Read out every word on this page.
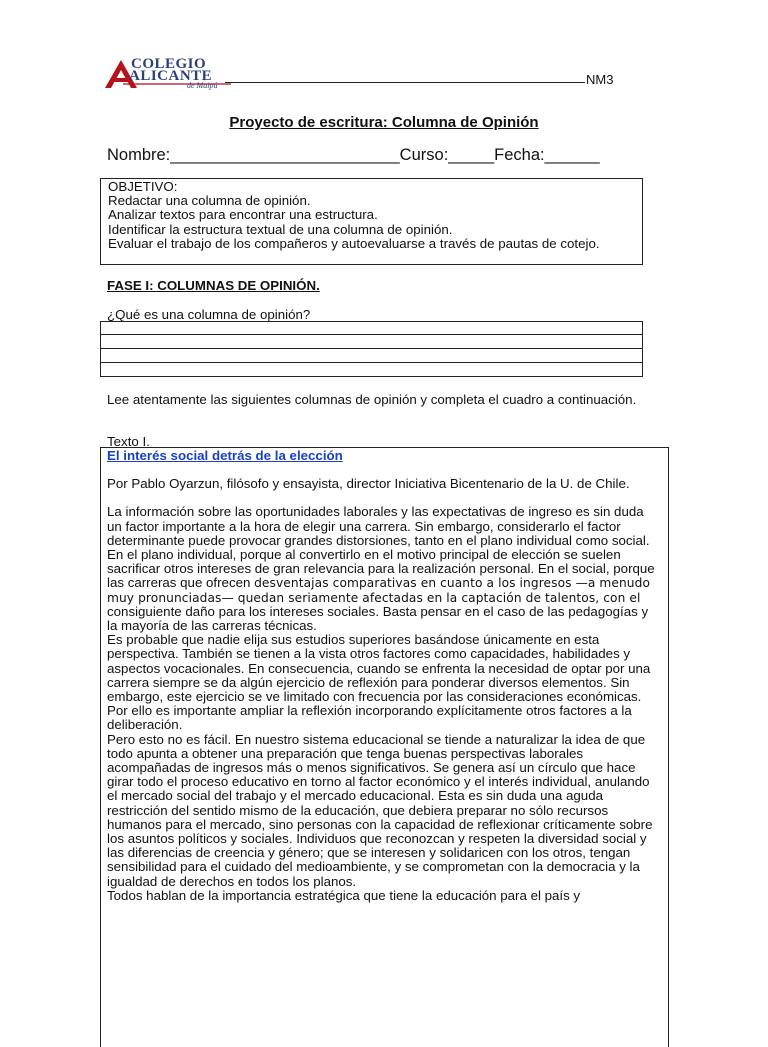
COLEGIO
ALICANTE
de Maipú	NM3
Proyecto de escritura: Columna de Opinión
Nombre:_________________________Curso:_____Fecha:______
OBJETIVO:
Redactar una columna de opinión.
Analizar textos para encontrar una estructura.
Identificar la estructura textual de una columna de opinión.
Evaluar el trabajo de los compañeros y autoevaluarse a través de pautas de cotejo.
FASE I: COLUMNAS DE OPINIÓN.
¿Qué es una columna de opinión?
Lee atentamente las siguientes columnas de opinión y completa el cuadro a continuación.
Texto I.
El interés social detrás de la elección
Por Pablo Oyarzun, filósofo y ensayista, director Iniciativa Bicentenario de la U. de Chile.
La información sobre las oportunidades laborales y las expectativas de ingreso es sin duda un factor importante a la hora de elegir una carrera. Sin embargo, considerarlo el factor determinante puede provocar grandes distorsiones, tanto en el plano individual como social. En el plano individual, porque al convertirlo en el motivo principal de elección se suelen sacrificar otros intereses de gran relevancia para la realización personal. En el social, porque las carreras que ofrecen desventajas comparativas en cuanto a los ingresos —a menudo muy pronunciadas— quedan seriamente afectadas en la captación de talentos, con el consiguiente daño para los intereses sociales. Basta pensar en el caso de las pedagogías y la mayoría de las carreras técnicas.
Es probable que nadie elija sus estudios superiores basándose únicamente en esta perspectiva. También se tienen a la vista otros factores como capacidades, habilidades y aspectos vocacionales. En consecuencia, cuando se enfrenta la necesidad de optar por una carrera siempre se da algún ejercicio de reflexión para ponderar diversos elementos. Sin embargo, este ejercicio se ve limitado con frecuencia por las consideraciones económicas. Por ello es importante ampliar la reflexión incorporando explícitamente otros factores a la deliberación.
Pero esto no es fácil. En nuestro sistema educacional se tiende a naturalizar la idea de que todo apunta a obtener una preparación que tenga buenas perspectivas laborales acompañadas de ingresos más o menos significativos. Se genera así un círculo que hace girar todo el proceso educativo en torno al factor económico y el interés individual, anulando el mercado social del trabajo y el mercado educacional. Esta es sin duda una aguda restricción del sentido mismo de la educación, que debiera preparar no sólo recursos humanos para el mercado, sino personas con la capacidad de reflexionar críticamente sobre los asuntos políticos y sociales. Individuos que reconozcan y respeten la diversidad social y las diferencias de creencia y género; que se interesen y solidaricen con los otros, tengan sensibilidad para el cuidado del medioambiente, y se comprometan con la democracia y la igualdad de derechos en todos los planos.
Todos hablan de la importancia estratégica que tiene la educación para el país y
